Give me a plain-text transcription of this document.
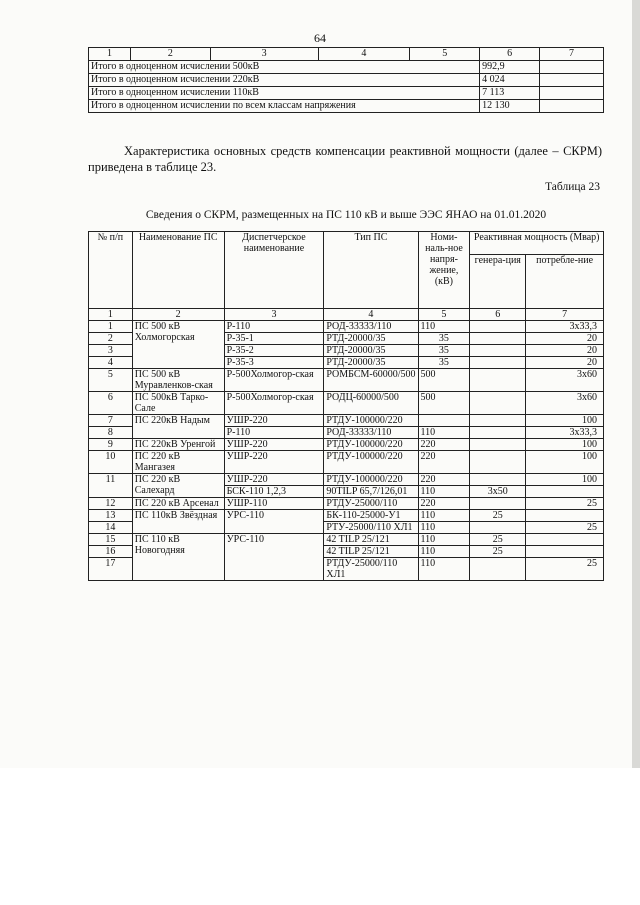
64
1	2	3	4	5	6	7
Итого в одноценном исчислении 500кВ					992,9	
Итого в одноценном исчислении 220кВ					4 024	
Итого в одноценном исчислении 110кВ					7 113	
Итого в одноценном исчислении по всем классам напряжения					12 130	

Характеристика основных средств компенсации реактивной мощности (далее – СКРМ) приведена в таблице 23.

Таблица 23
Сведения о СКРМ, размещенных на ПС 110 кВ и выше ЭЭС ЯНАО на 01.01.2020
№ п/п	Наименование ПС	Диспетчерское наименование	Тип ПС	Номи-наль-ное напря-жение, (кВ)	Реактивная мощность (Мвар)	
					генера-ция	потребле-ние
1	2	3	4	5	6	7
1	ПС 500 кВ Холмогорская	Р-110	РОД-33333/110	110		3х33,3
2		Р-35-1	РТД-20000/35	35		20
3		Р-35-2	РТД-20000/35	35		20
4		Р-35-3	РТД-20000/35	35		20
5	ПС 500 кВ Муравленков-ская	Р-500Холмогор-ская	РОМБСМ-60000/500	500		3х60
6	ПС 500кВ Тарко-Сале	Р-500Холмогор-ская	РОДЦ-60000/500	500		3х60
7	ПС 220кВ Надым	УШР-220	РТДУ-100000/220			100
8		Р-110	РОД-33333/110	110		3х33,3
9	ПС 220кВ Уренгой	УШР-220	РТДУ-100000/220	220		100
10	ПС 220 кВ Мангазея	УШР-220	РТДУ-100000/220	220		100
11	ПС 220 кВ Салехард	УШР-220	РТДУ-100000/220	220		100
		БСК-110 1,2,3	90TILP 65,7/126,01	110	3х50	
12	ПС 220 кВ Арсенал	УШР-110	РТДУ-25000/110	220		25
13	ПС 110кВ Звёздная	УРС-110	БК-110-25000-У1	110	25	
14			РТУ-25000/110 ХЛ1	110		25
15	ПС 110 кВ Новогодняя	УРС-110	42 TILP 25/121	110	25	
16			42 TILP 25/121	110	25	
17			РТДУ-25000/110 ХЛ1	110		25
